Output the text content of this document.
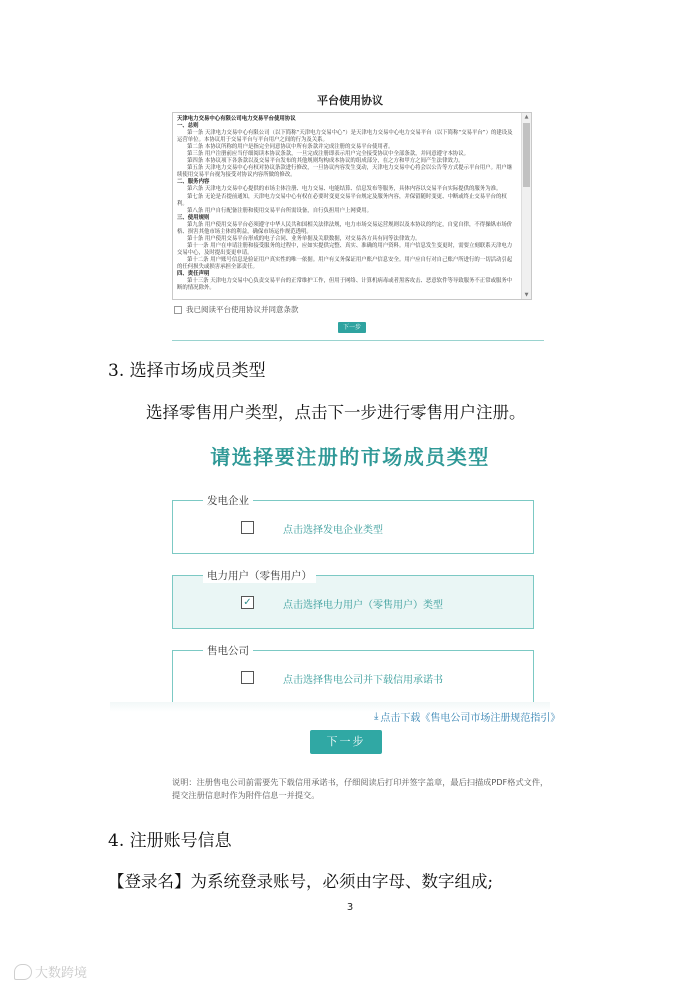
平台使用协议
天津电力交易中心有限公司电力交易平台使用协议
一、总则
第一条 天津电力交易中心有限公司（以下简称“天津电力交易中心”）是天津电力交易中心电力交易平台（以下简称“交易平台”）的建设及运营单位。本协议用于交易平台与平台用户之间的行为及关系。
第二条 本协议所称的用户是指完全同意协议中所有条款并完成注册的交易平台使用者。
第三条 用户注册前应当仔细阅读本协议条款，一旦完成注册即表示用户完全接受协议中全部条款，并同意遵守本协议。
第四条 本协议项下各条款以及交易平台发布的其他规则均构成本协议的组成部分，在之方和甲方之间产生法律效力。
第五条 天津电力交易中心有权对协议条款进行修改，一旦协议内容发生变动，天津电力交易中心将会以公告等方式提示平台用户。用户继续使用交易平台视为接受对协议内容所做的修改。
二、服务内容
第六条 天津电力交易中心提供的市场主体注册、电力交易、电能结算、信息发布等服务，具体内容以交易平台实际提供的服务为准。
第七条 无论是否提前通知，天津电力交易中心有权在必要时变更交易平台规定及服务内容，并保留随时变更、中断或终止交易平台的权利。
第八条 用户自行配备注册和使用交易平台所需设备，自行负担用户上网费用。
三、使用规则
第九条 用户使用交易平台必须遵守中华人民共和国相关法律法规，电力市场交易运营规则以及本协议的约定，自觉自律，不得操纵市场价格、损害其他市场主体的利益，确保市场运作规范透明。
第十条 用户使用交易平台形成的电子合同、业务单据及关联数据，对交易各方具有同等法律效力。
第十一条 用户在申请注册和接受服务的过程中，应如实提供完整、真实、准确的用户资料。用户信息发生变更时，需要立刻联系天津电力交易中心，及时提出变更申请。
第十二条 用户账号信息是验证用户真实性的唯一依据。用户有义务保证用户账户信息安全。用户应自行对自己账户所进行的一切活动引起的任何损失或损害承担全部责任。
四、责任声明
第十三条 天津电力交易中心负责交易平台的正常维护工作，但用于网络、计算机病毒或者黑客攻击、恶意软件等导致服务不正常或服务中断的情况除外。
▲
▼
我已阅读平台使用协议并同意条款
下一步
3. 选择市场成员类型
选择零售用户类型，点击下一步进行零售用户注册。
请选择要注册的市场成员类型
发电企业
点击选择发电企业类型
电力用户（零售用户）
✓	点击选择电力用户（零售用户）类型
售电公司
点击选择售电公司并下载信用承诺书
⤓ 点击下载《售电公司市场注册规范指引》
下一步
说明：注册售电公司前需要先下载信用承诺书，仔细阅读后打印并签字盖章，最后扫描成PDF格式文件，提交注册信息时作为附件信息一并提交。
4. 注册账号信息
【登录名】为系统登录账号，必须由字母、数字组成;
3
大数跨境
